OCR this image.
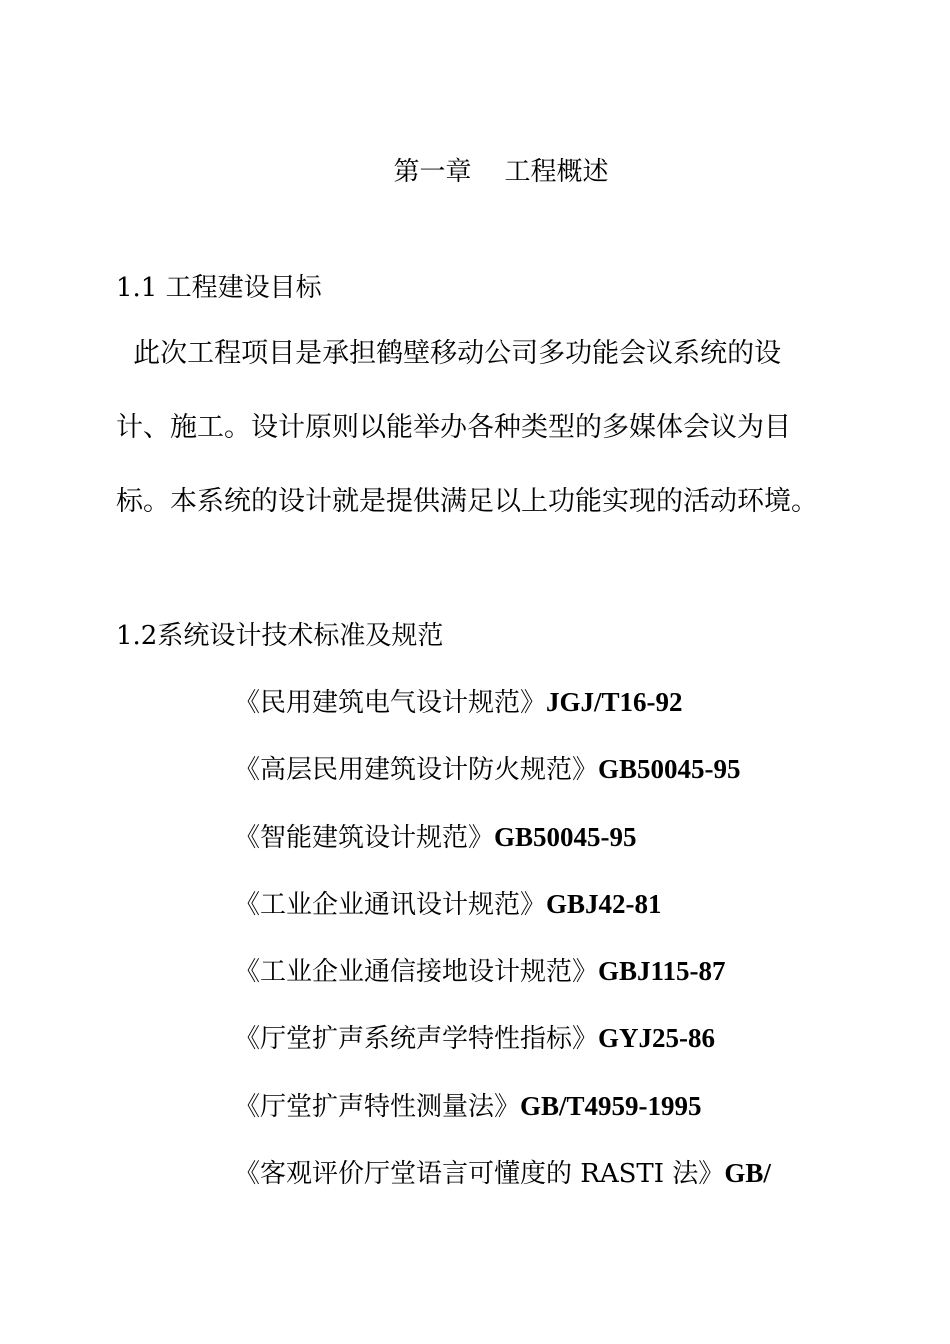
第一章 工程概述
1.1 工程建设目标
此次工程项目是承担鹤壁移动公司多功能会议系统的设
计、施工。设计原则以能举办各种类型的多媒体会议为目
标。本系统的设计就是提供满足以上功能实现的活动环境。
1.2系统设计技术标准及规范
《民用建筑电气设计规范》JGJ/T16-92
《高层民用建筑设计防火规范》GB50045-95
《智能建筑设计规范》GB50045-95
《工业企业通讯设计规范》GBJ42-81
《工业企业通信接地设计规范》GBJ115-87
《厅堂扩声系统声学特性指标》GYJ25-86
《厅堂扩声特性测量法》GB/T4959-1995
《客观评价厅堂语言可懂度的 RASTI 法》GB/
